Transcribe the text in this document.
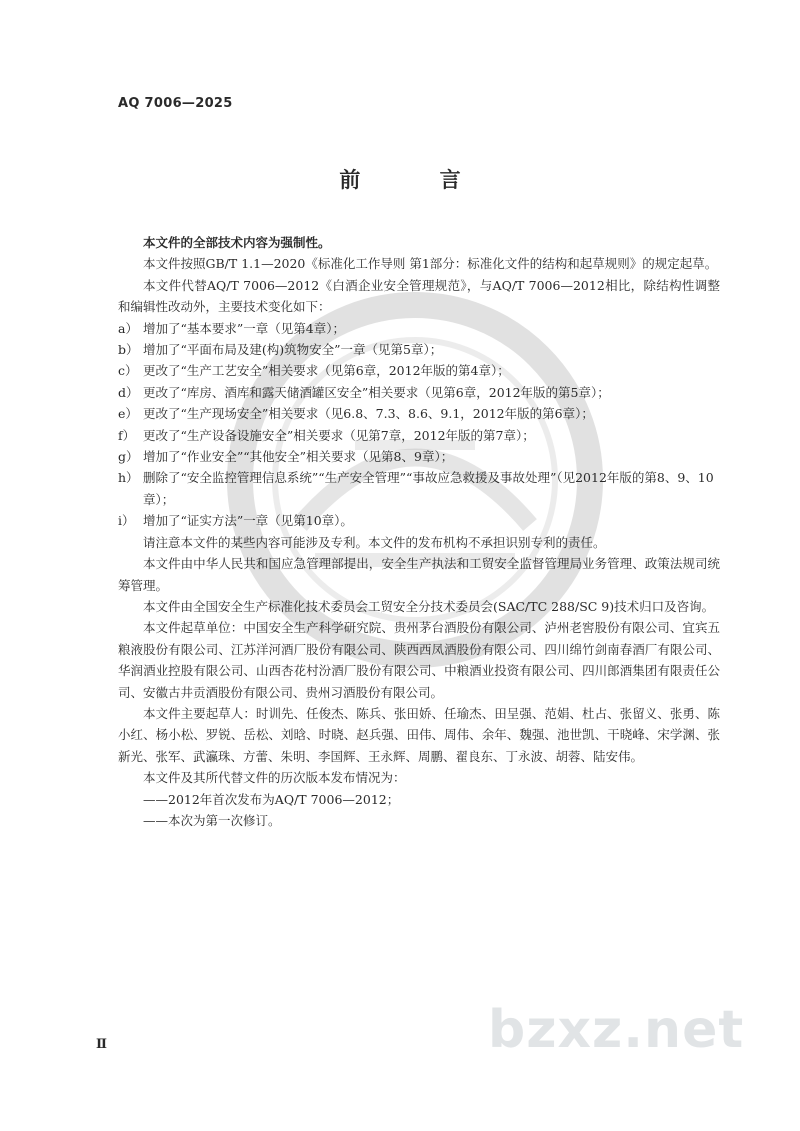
AQ 7006—2025
前 言

本文件的全部技术内容为强制性。

本文件按照GB/T 1.1—2020《标准化工作导则 第1部分：标准化文件的结构和起草规则》的规定起草。

本文件代替AQ/T 7006—2012《白酒企业安全管理规范》，与AQ/T 7006—2012相比，除结构性调整和编辑性改动外，主要技术变化如下：

a） 增加了“基本要求”一章（见第4章）；
b） 增加了“平面布局及建(构)筑物安全”一章（见第5章）；
c） 更改了“生产工艺安全”相关要求（见第6章，2012年版的第4章）；
d） 更改了“库房、酒库和露天储酒罐区安全”相关要求（见第6章，2012年版的第5章）；
e） 更改了“生产现场安全”相关要求（见6.8、7.3、8.6、9.1，2012年版的第6章）；
f） 更改了“生产设备设施安全”相关要求（见第7章，2012年版的第7章）；
g） 增加了“作业安全”“其他安全”相关要求（见第8、9章）；
h） 删除了“安全监控管理信息系统”“生产安全管理”“事故应急救援及事故处理”（见2012年版的第8、9、10章）；
i） 增加了“证实方法”一章（见第10章）。

请注意本文件的某些内容可能涉及专利。本文件的发布机构不承担识别专利的责任。

本文件由中华人民共和国应急管理部提出，安全生产执法和工贸安全监督管理局业务管理、政策法规司统筹管理。

本文件由全国安全生产标准化技术委员会工贸安全分技术委员会(SAC/TC 288/SC 9)技术归口及咨询。

本文件起草单位：中国安全生产科学研究院、贵州茅台酒股份有限公司、泸州老窖股份有限公司、宜宾五粮液股份有限公司、江苏洋河酒厂股份有限公司、陕西西凤酒股份有限公司、四川绵竹剑南春酒厂有限公司、华润酒业控股有限公司、山西杏花村汾酒厂股份有限公司、中粮酒业投资有限公司、四川郎酒集团有限责任公司、安徽古井贡酒股份有限公司、贵州习酒股份有限公司。

本文件主要起草人：时训先、任俊杰、陈兵、张田娇、任瑜杰、田呈强、范娟、杜占、张留义、张勇、陈小红、杨小松、罗锐、岳松、刘晗、时晓、赵兵强、田伟、周伟、余年、魏强、池世凯、干晓峰、宋学渊、张新光、张军、武瀛珠、方蕾、朱明、李国辉、王永辉、周鹏、翟良东、丁永波、胡蓉、陆安伟。

本文件及其所代替文件的历次版本发布情况为：

——2012年首次发布为AQ/T 7006—2012；

——本次为第一次修订。

bzxz.net
Ⅱ
